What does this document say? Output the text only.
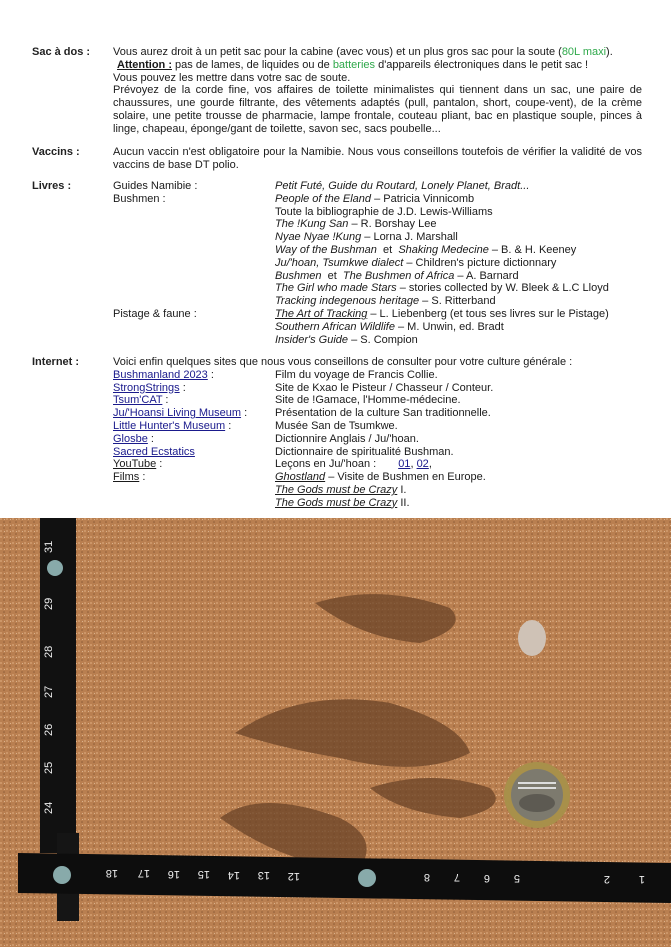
Sac à dos : Vous aurez droit à un petit sac pour la cabine (avec vous) et un plus gros sac pour la soute (80L maxi).
Attention : pas de lames, de liquides ou de batteries d'appareils électroniques dans le petit sac !
Vous pouvez les mettre dans votre sac de soute.
Prévoyez de la corde fine, vos affaires de toilette minimalistes qui tiennent dans un sac, une paire de chaussures, une gourde filtrante, des vêtements adaptés (pull, pantalon, short, coupe-vent), de la crème solaire, une petite trousse de pharmacie, lampe frontale, couteau pliant, bac en plastique souple, pinces à linge, chapeau, éponge/gant de toilette, savon sec, sacs poubelle...
Vaccins :	Aucun vaccin n'est obligatoire pour la Namibie. Nous vous conseillons toutefois de vérifier la validité de vos vaccins de base DT polio.
Livres :	Guides Namibie :	Petit Futé, Guide du Routard, Lonely Planet, Bradt...
Bushmen :	People of the Eland – Patricia Vinnicomb
Toute la bibliographie de J.D. Lewis-Williams
The !Kung San – R. Borshay Lee
Nyae Nyae !Kung – Lorna J. Marshall
Way of the Bushman  et  Shaking Medecine – B. & H. Keeney
Ju/'hoan, Tsumkwe dialect – Children's picture dictionnary
Bushmen  et  The Bushmen of Africa – A. Barnard
The Girl who made Stars – stories collected by W. Bleek & L.C Lloyd
Tracking indegenous heritage – S. Ritterband
Pistage & faune :	The Art of Tracking – L. Liebenberg (et tous ses livres sur le Pistage)
Southern African Wildlife – M. Unwin, ed. Bradt
Insider's Guide – S. Compion
Internet :	Voici enfin quelques sites que nous vous conseillons de consulter pour votre culture générale :
Bushmanland 2023 :	Film du voyage de Francis Collie.
StrongStrings :	Site de Kxao le Pisteur / Chasseur / Conteur.
Tsum'CAT :	Site de !Gamace, l'Homme-médecine.
Ju/'Hoansi Living Museum :	Présentation de la culture San traditionnelle.
Little Hunter's Museum :	Musée San de Tsumkwe.
Glosbe :	Dictionnire Anglais / Ju/'hoan.
Sacred Ecstatics	Dictionnaire de spiritualité Bushman.
YouTube :	Leçons en Ju/'hoan : 01, 02,
Films :	Ghostland – Visite de Bushmen en Europe.
The Gods must be Crazy I.
The Gods must be Crazy II.
31
29
28
27
26
25
24
18 17 16 15 14 13 12	8 7 6 5	2	1
